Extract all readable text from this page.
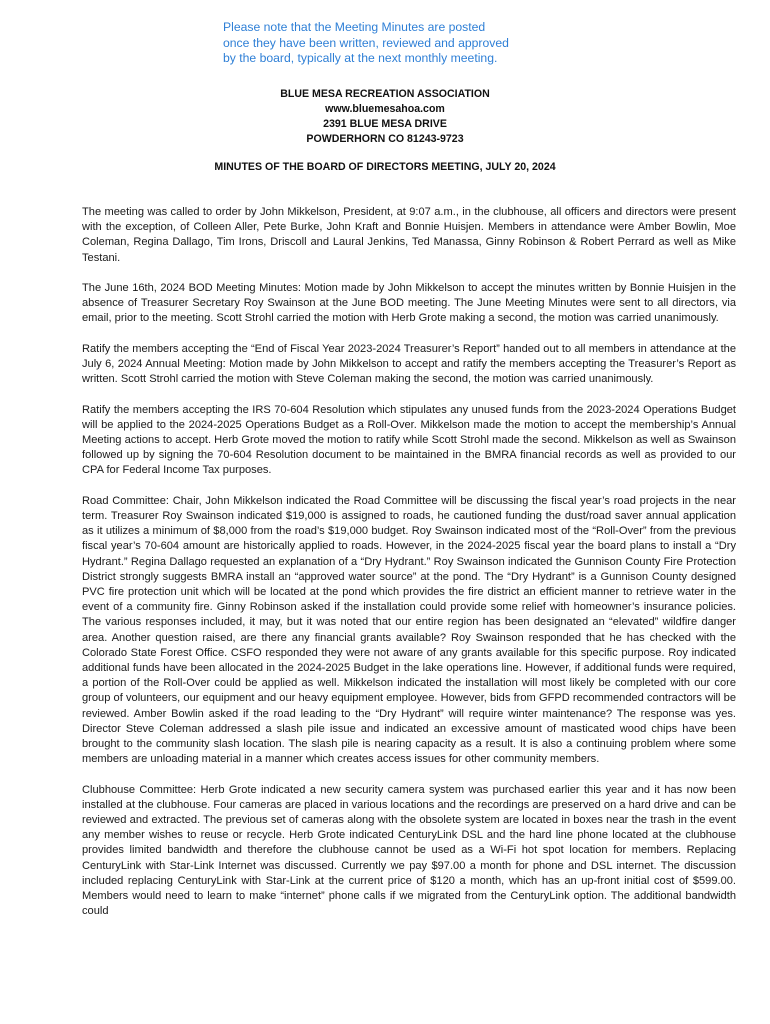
Please note that the Meeting Minutes are posted
once they have been written, reviewed and approved
by the board, typically at the next monthly meeting.
BLUE MESA RECREATION ASSOCIATION
www.bluemesahoa.com
2391 BLUE MESA DRIVE
POWDERHORN CO 81243-9723
MINUTES OF THE BOARD OF DIRECTORS MEETING, JULY 20, 2024

The meeting was called to order by John Mikkelson, President, at 9:07 a.m., in the clubhouse, all officers and directors were present with the exception, of Colleen Aller, Pete Burke, John Kraft and Bonnie Huisjen. Members in attendance were Amber Bowlin, Moe Coleman, Regina Dallago, Tim Irons, Driscoll and Laural Jenkins, Ted Manassa, Ginny Robinson & Robert Perrard as well as Mike Testani.

The June 16th, 2024 BOD Meeting Minutes: Motion made by John Mikkelson to accept the minutes written by Bonnie Huisjen in the absence of Treasurer Secretary Roy Swainson at the June BOD meeting. The June Meeting Minutes were sent to all directors, via email, prior to the meeting. Scott Strohl carried the motion with Herb Grote making a second, the motion was carried unanimously.

Ratify the members accepting the “End of Fiscal Year 2023-2024 Treasurer’s Report” handed out to all members in attendance at the July 6, 2024 Annual Meeting: Motion made by John Mikkelson to accept and ratify the members accepting the Treasurer’s Report as written. Scott Strohl carried the motion with Steve Coleman making the second, the motion was carried unanimously.

Ratify the members accepting the IRS 70-604 Resolution which stipulates any unused funds from the 2023-2024 Operations Budget will be applied to the 2024-2025 Operations Budget as a Roll-Over. Mikkelson made the motion to accept the membership’s Annual Meeting actions to accept. Herb Grote moved the motion to ratify while Scott Strohl made the second. Mikkelson as well as Swainson followed up by signing the 70-604 Resolution document to be maintained in the BMRA financial records as well as provided to our CPA for Federal Income Tax purposes.

Road Committee: Chair, John Mikkelson indicated the Road Committee will be discussing the fiscal year’s road projects in the near term. Treasurer Roy Swainson indicated $19,000 is assigned to roads, he cautioned funding the dust/road saver annual application as it utilizes a minimum of $8,000 from the road’s $19,000 budget. Roy Swainson indicated most of the “Roll-Over” from the previous fiscal year’s 70-604 amount are historically applied to roads. However, in the 2024-2025 fiscal year the board plans to install a “Dry Hydrant.” Regina Dallago requested an explanation of a “Dry Hydrant.” Roy Swainson indicated the Gunnison County Fire Protection District strongly suggests BMRA install an “approved water source” at the pond. The “Dry Hydrant” is a Gunnison County designed PVC fire protection unit which will be located at the pond which provides the fire district an efficient manner to retrieve water in the event of a community fire. Ginny Robinson asked if the installation could provide some relief with homeowner’s insurance policies. The various responses included, it may, but it was noted that our entire region has been designated an “elevated” wildfire danger area. Another question raised, are there any financial grants available? Roy Swainson responded that he has checked with the Colorado State Forest Office. CSFO responded they were not aware of any grants available for this specific purpose. Roy indicated additional funds have been allocated in the 2024-2025 Budget in the lake operations line. However, if additional funds were required, a portion of the Roll-Over could be applied as well. Mikkelson indicated the installation will most likely be completed with our core group of volunteers, our equipment and our heavy equipment employee. However, bids from GFPD recommended contractors will be reviewed. Amber Bowlin asked if the road leading to the “Dry Hydrant” will require winter maintenance? The response was yes. Director Steve Coleman addressed a slash pile issue and indicated an excessive amount of masticated wood chips have been brought to the community slash location. The slash pile is nearing capacity as a result. It is also a continuing problem where some members are unloading material in a manner which creates access issues for other community members.

Clubhouse Committee: Herb Grote indicated a new security camera system was purchased earlier this year and it has now been installed at the clubhouse. Four cameras are placed in various locations and the recordings are preserved on a hard drive and can be reviewed and extracted. The previous set of cameras along with the obsolete system are located in boxes near the trash in the event any member wishes to reuse or recycle. Herb Grote indicated CenturyLink DSL and the hard line phone located at the clubhouse provides limited bandwidth and therefore the clubhouse cannot be used as a Wi-Fi hot spot location for members. Replacing CenturyLink with Star-Link Internet was discussed. Currently we pay $97.00 a month for phone and DSL internet. The discussion included replacing CenturyLink with Star-Link at the current price of $120 a month, which has an up-front initial cost of $599.00. Members would need to learn to make “internet” phone calls if we migrated from the CenturyLink option. The additional bandwidth could
